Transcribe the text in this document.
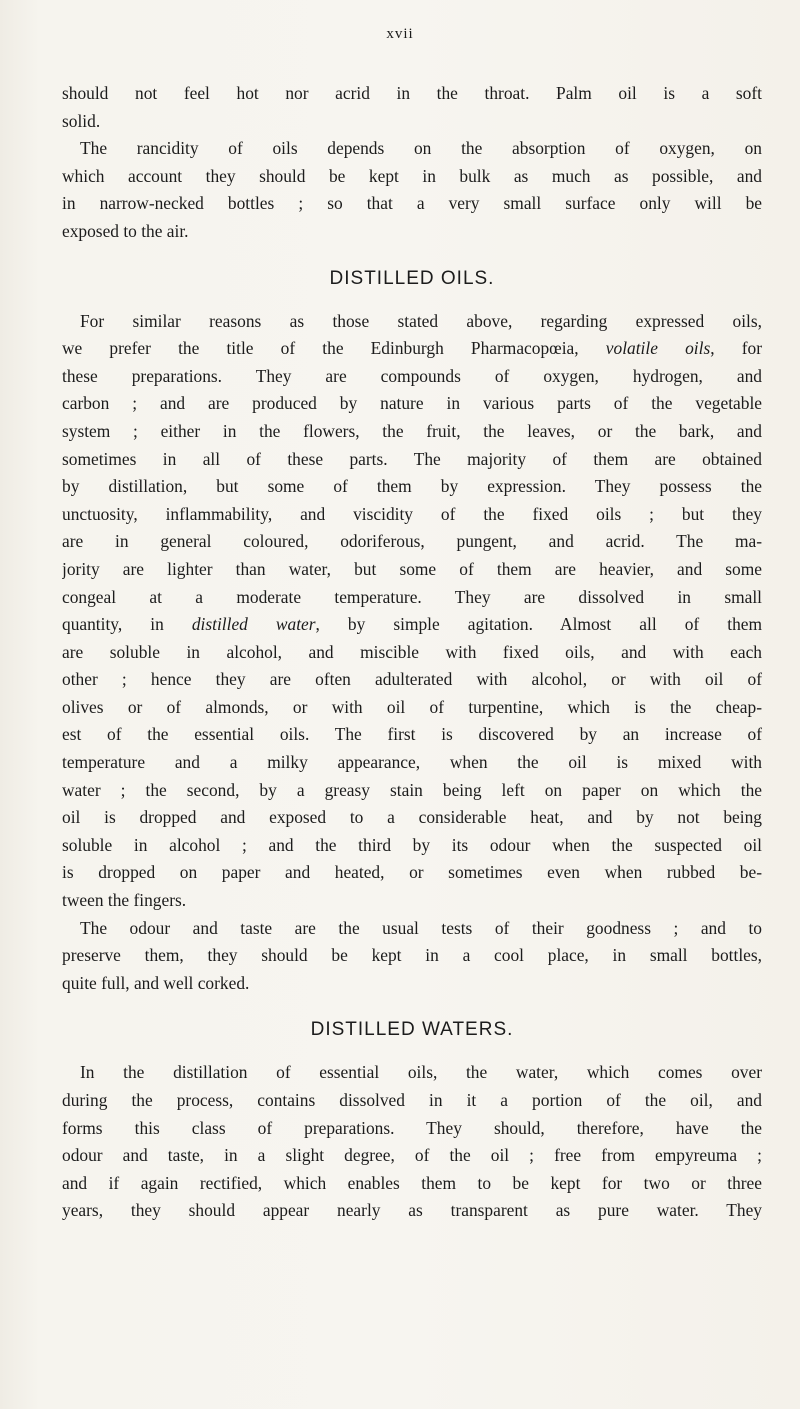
xvii

should not feel hot nor acrid in the throat. Palm oil is a soft
solid.

The rancidity of oils depends on the absorption of oxygen, on
which account they should be kept in bulk as much as possible, and
in narrow-necked bottles ; so that a very small surface only will be
exposed to the air.

DISTILLED OILS.

For similar reasons as those stated above, regarding expressed oils,
we prefer the title of the Edinburgh Pharmacopœia, volatile oils, for
these preparations. They are compounds of oxygen, hydrogen, and
carbon ; and are produced by nature in various parts of the vegetable
system ; either in the flowers, the fruit, the leaves, or the bark, and
sometimes in all of these parts. The majority of them are obtained
by distillation, but some of them by expression. They possess the
unctuosity, inflammability, and viscidity of the fixed oils ; but they
are in general coloured, odoriferous, pungent, and acrid. The ma-
jority are lighter than water, but some of them are heavier, and some
congeal at a moderate temperature. They are dissolved in small
quantity, in distilled water, by simple agitation. Almost all of them
are soluble in alcohol, and miscible with fixed oils, and with each
other ; hence they are often adulterated with alcohol, or with oil of
olives or of almonds, or with oil of turpentine, which is the cheap-
est of the essential oils. The first is discovered by an increase of
temperature and a milky appearance, when the oil is mixed with
water ; the second, by a greasy stain being left on paper on which the
oil is dropped and exposed to a considerable heat, and by not being
soluble in alcohol ; and the third by its odour when the suspected oil
is dropped on paper and heated, or sometimes even when rubbed be-
tween the fingers.

The odour and taste are the usual tests of their goodness ; and to
preserve them, they should be kept in a cool place, in small bottles,
quite full, and well corked.

DISTILLED WATERS.

In the distillation of essential oils, the water, which comes over
during the process, contains dissolved in it a portion of the oil, and
forms this class of preparations. They should, therefore, have the
odour and taste, in a slight degree, of the oil ; free from empyreuma ;
and if again rectified, which enables them to be kept for two or three
years, they should appear nearly as transparent as pure water. They
